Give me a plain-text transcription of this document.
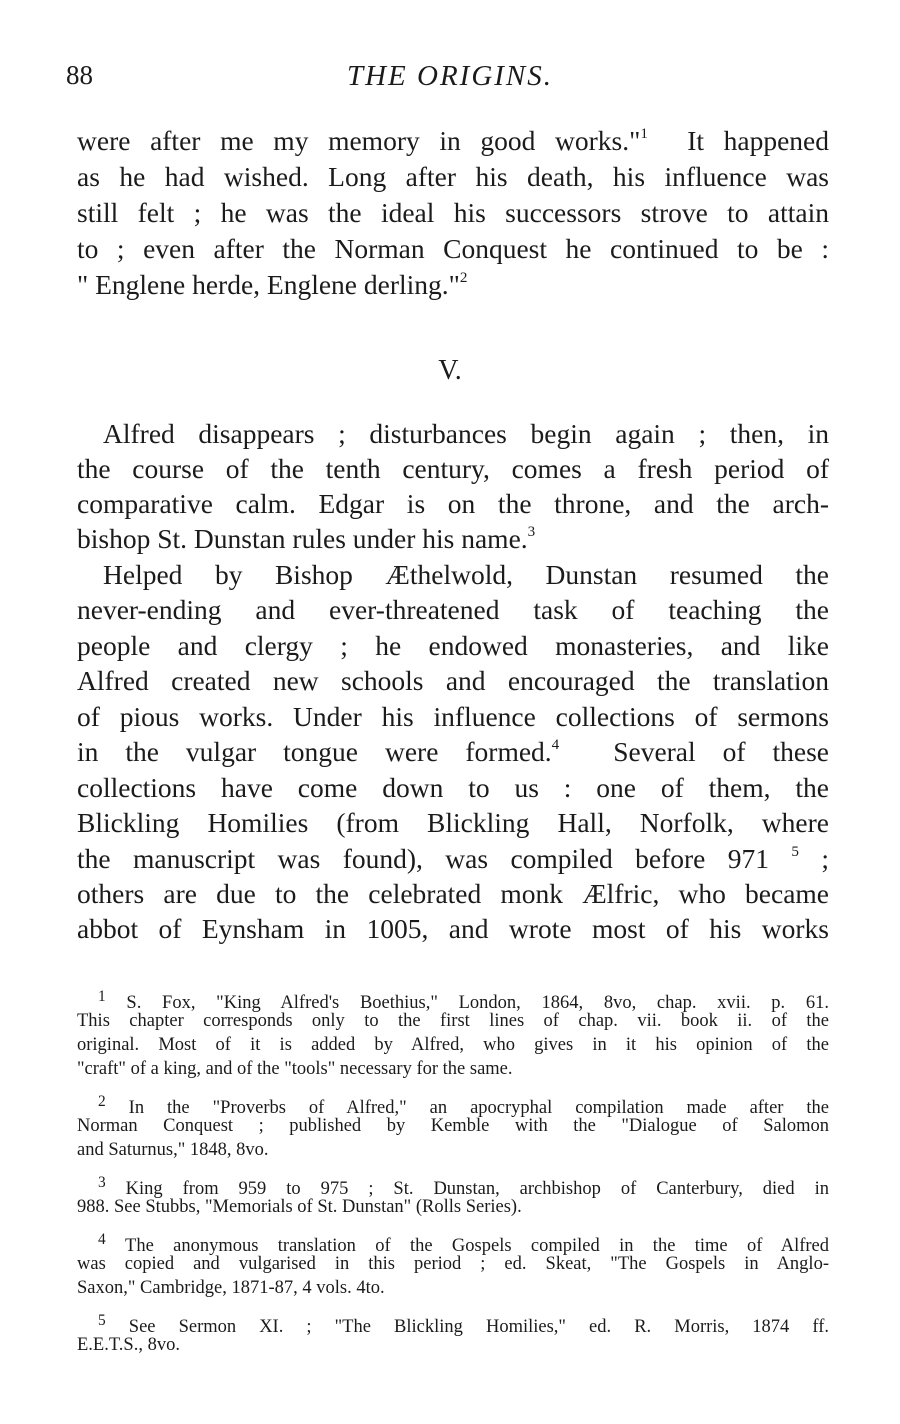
88	THE ORIGINS.
were after me my memory in good works."$^1$ It happened
as he had wished. Long after his death, his influence was
still felt ; he was the ideal his successors strove to attain
to ; even after the Norman Conquest he continued to be :
" Englene herde, Englene derling."$^2$
V.
Alfred disappears ; disturbances begin again ; then, in
the course of the tenth century, comes a fresh period of
comparative calm. Edgar is on the throne, and the arch-
bishop St. Dunstan rules under his name.$^3$
Helped by Bishop Æthelwold, Dunstan resumed the
never-ending and ever-threatened task of teaching the
people and clergy ; he endowed monasteries, and like
Alfred created new schools and encouraged the translation
of pious works. Under his influence collections of sermons
in the vulgar tongue were formed.$^4$ Several of these
collections have come down to us : one of them, the
Blickling Homilies (from Blickling Hall, Norfolk, where
the manuscript was found), was compiled before 971 $^5$ ;
others are due to the celebrated monk Ælfric, who became
abbot of Eynsham in 1005, and wrote most of his works
$^1$ S. Fox, "King Alfred's Boethius," London, 1864, 8vo, chap. xvii. p. 61.
This chapter corresponds only to the first lines of chap. vii. book ii. of the
original. Most of it is added by Alfred, who gives in it his opinion of the
"craft" of a king, and of the "tools" necessary for the same.
$^2$ In the "Proverbs of Alfred," an apocryphal compilation made after the
Norman Conquest ; published by Kemble with the "Dialogue of Salomon
and Saturnus," 1848, 8vo.
$^3$ King from 959 to 975 ; St. Dunstan, archbishop of Canterbury, died in
988. See Stubbs, "Memorials of St. Dunstan" (Rolls Series).
$^4$ The anonymous translation of the Gospels compiled in the time of Alfred
was copied and vulgarised in this period ; ed. Skeat, "The Gospels in Anglo-
Saxon," Cambridge, 1871-87, 4 vols. 4to.
$^5$ See Sermon XI. ; "The Blickling Homilies," ed. R. Morris, 1874 ff.
E.E.T.S., 8vo.
